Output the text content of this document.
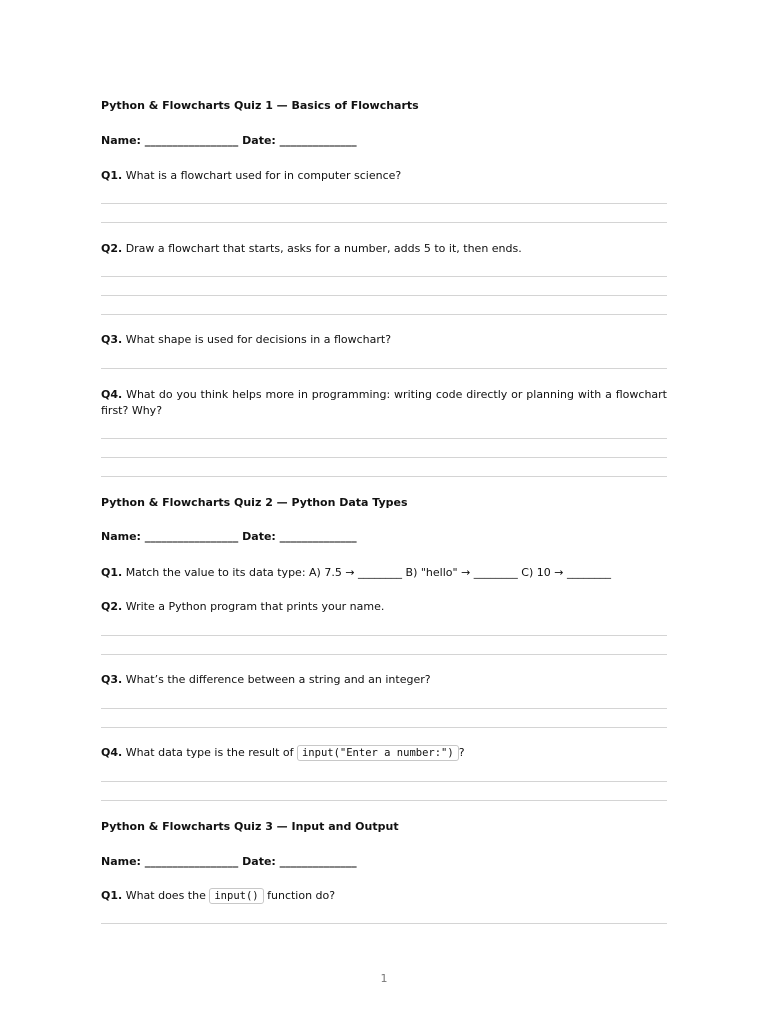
Python & Flowcharts Quiz 1 — Basics of Flowcharts
Name: _________________ Date: ______________
Q1. What is a flowchart used for in computer science?
Q2. Draw a flowchart that starts, asks for a number, adds 5 to it, then ends.
Q3. What shape is used for decisions in a flowchart?
Q4. What do you think helps more in programming: writing code directly or planning with a flowchart first? Why?
Python & Flowcharts Quiz 2 — Python Data Types
Name: _________________ Date: ______________
Q1. Match the value to its data type: A) 7.5 → ________ B) "hello" → ________ C) 10 → ________
Q2. Write a Python program that prints your name.
Q3. What’s the difference between a string and an integer?
Q4. What data type is the result of input("Enter a number:") ?
Python & Flowcharts Quiz 3 — Input and Output
Name: _________________ Date: ______________
Q1. What does the input() function do?
1
